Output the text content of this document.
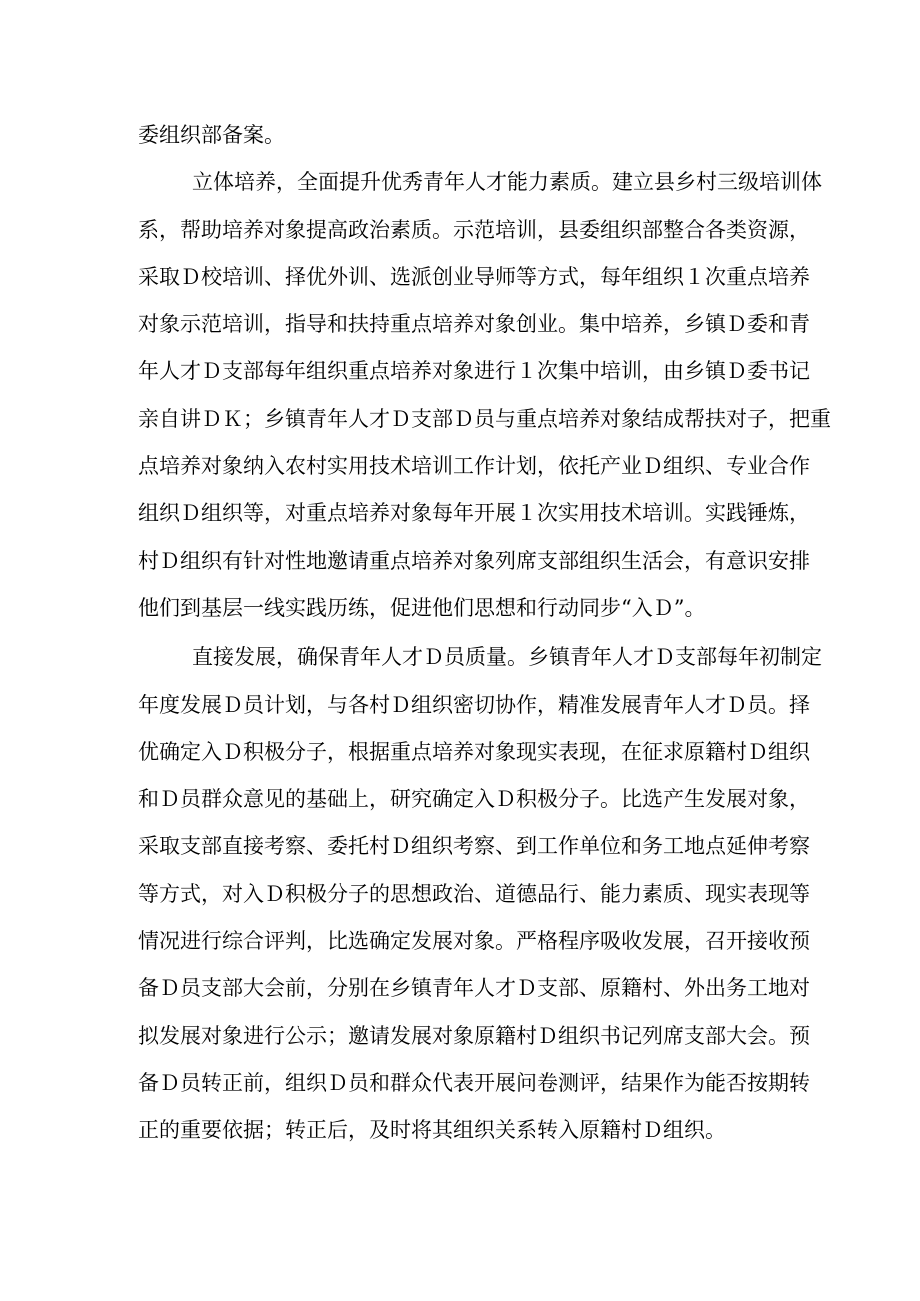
委组织部备案。
立体培养，全面提升优秀青年人才能力素质。建立县乡村三级培训体
系，帮助培养对象提高政治素质。示范培训，县委组织部整合各类资源，
采取Ｄ校培训、择优外训、选派创业导师等方式，每年组织１次重点培养
对象示范培训，指导和扶持重点培养对象创业。集中培养，乡镇Ｄ委和青
年人才Ｄ支部每年组织重点培养对象进行１次集中培训，由乡镇Ｄ委书记
亲自讲ＤＫ；乡镇青年人才Ｄ支部Ｄ员与重点培养对象结成帮扶对子，把重
点培养对象纳入农村实用技术培训工作计划，依托产业Ｄ组织、专业合作
组织Ｄ组织等，对重点培养对象每年开展１次实用技术培训。实践锤炼，
村Ｄ组织有针对性地邀请重点培养对象列席支部组织生活会，有意识安排
他们到基层一线实践历练，促进他们思想和行动同步“入Ｄ”。
直接发展，确保青年人才Ｄ员质量。乡镇青年人才Ｄ支部每年初制定
年度发展Ｄ员计划，与各村Ｄ组织密切协作，精准发展青年人才Ｄ员。择
优确定入Ｄ积极分子，根据重点培养对象现实表现，在征求原籍村Ｄ组织
和Ｄ员群众意见的基础上，研究确定入Ｄ积极分子。比选产生发展对象，
采取支部直接考察、委托村Ｄ组织考察、到工作单位和务工地点延伸考察
等方式，对入Ｄ积极分子的思想政治、道德品行、能力素质、现实表现等
情况进行综合评判，比选确定发展对象。严格程序吸收发展，召开接收预
备Ｄ员支部大会前，分别在乡镇青年人才Ｄ支部、原籍村、外出务工地对
拟发展对象进行公示；邀请发展对象原籍村Ｄ组织书记列席支部大会。预
备Ｄ员转正前，组织Ｄ员和群众代表开展问卷测评，结果作为能否按期转
正的重要依据；转正后，及时将其组织关系转入原籍村Ｄ组织。
